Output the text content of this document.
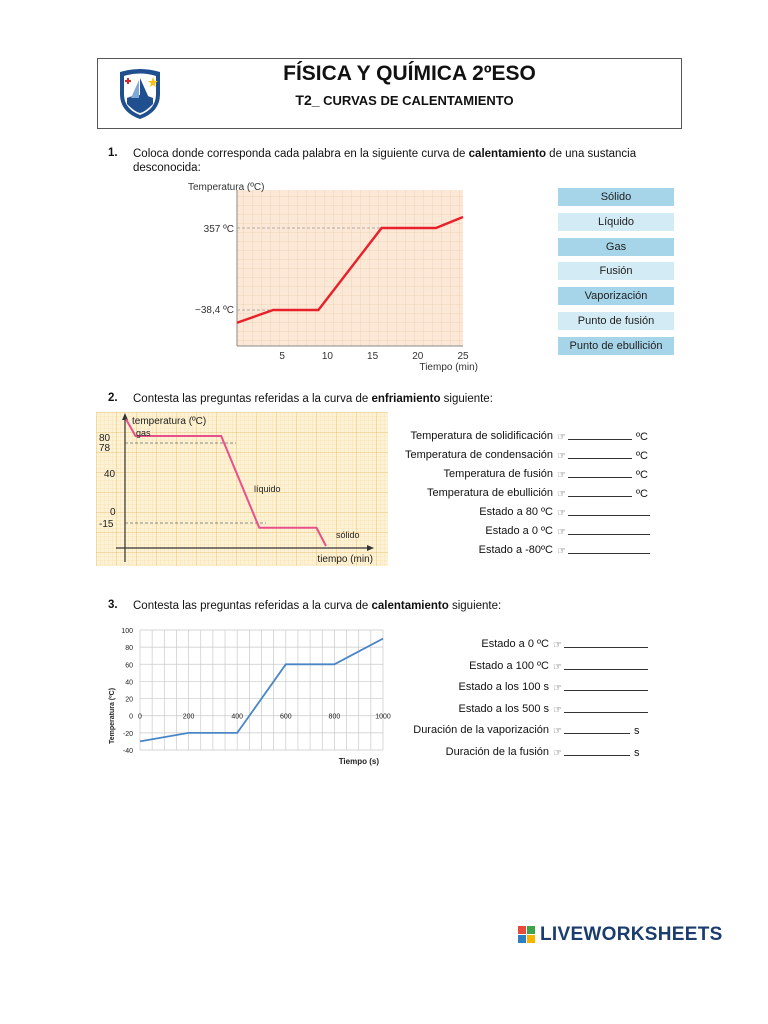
FÍSICA Y QUÍMICA 2ºESO
T2_ CURVAS DE CALENTAMIENTO
1. Coloca donde corresponda cada palabra en la siguiente curva de calentamiento de una sustancia desconocida:
Temperatura (ºC)
357 ºC
−38,4 ºC
5	10	15	20	25
Tiempo (min)
Sólido
Líquido
Gas
Fusión
Vaporización
Punto de fusión
Punto de ebullición
2. Contesta las preguntas referidas a la curva de enfriamiento siguiente:
temperatura (ºC)
80
78
40
0
-15
gas
líquido
sólido
tiempo (min)
Temperatura de solidificación ☞	ºC
Temperatura de condensación ☞	ºC
Temperatura de fusión ☞	ºC
Temperatura de ebullición ☞	ºC
Estado a 80 ºC ☞
Estado a 0 ºC ☞
Estado a -80ºC ☞
3. Contesta las preguntas referidas a la curva de calentamiento siguiente:
100
80
60
40
20
0
-20
-40
0	200	400	600	800	1000
Temperatura (ºC)
Tiempo (s)
Estado a 0 ºC ☞
Estado a 100 ºC ☞
Estado a los 100 s ☞
Estado a los 500 s ☞
Duración de la vaporización ☞	s
Duración de la fusión ☞	s
LIVEWORKSHEETS
